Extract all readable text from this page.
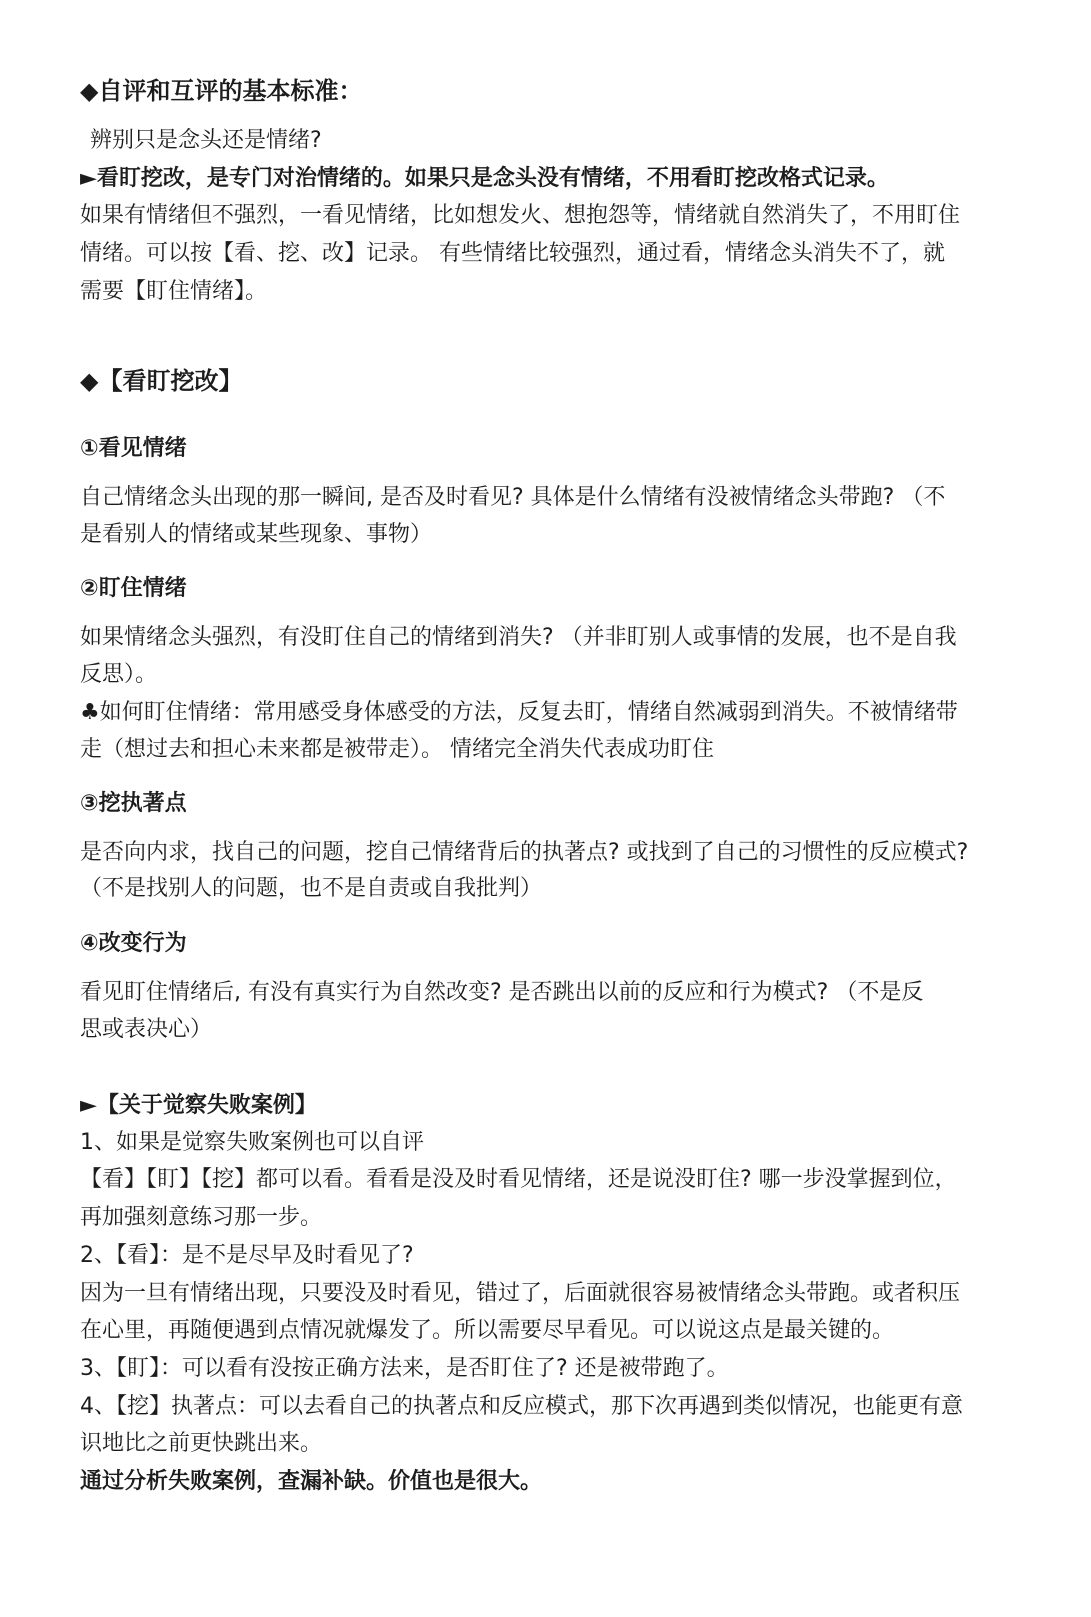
◆自评和互评的基本标准：
辨别只是念头还是情绪?
►看盯挖改，是专门对治情绪的。如果只是念头没有情绪，不用看盯挖改格式记录。
如果有情绪但不强烈，一看见情绪，比如想发火、想抱怨等，情绪就自然消失了，不用盯住
情绪。可以按【看、挖、改】记录。 有些情绪比较强烈，通过看，情绪念头消失不了，就
需要【盯住情绪】。
◆【看盯挖改】
①看见情绪
自己情绪念头出现的那一瞬间, 是否及时看见? 具体是什么情绪有没被情绪念头带跑? （不
是看别人的情绪或某些现象、事物）
②盯住情绪
如果情绪念头强烈，有没盯住自己的情绪到消失? （并非盯别人或事情的发展，也不是自我
反思）。
♣如何盯住情绪：常用感受身体感受的方法，反复去盯，情绪自然减弱到消失。不被情绪带
走（想过去和担心未来都是被带走）。 情绪完全消失代表成功盯住
③挖执著点
是否向内求，找自己的问题，挖自己情绪背后的执著点? 或找到了自己的习惯性的反应模式?
（不是找别人的问题，也不是自责或自我批判）
④改变行为
看见盯住情绪后, 有没有真实行为自然改变? 是否跳出以前的反应和行为模式? （不是反
思或表决心）
►【关于觉察失败案例】
1、如果是觉察失败案例也可以自评
【看】【盯】【挖】都可以看。看看是没及时看见情绪，还是说没盯住? 哪一步没掌握到位，
再加强刻意练习那一步。
2、【看】：是不是尽早及时看见了?
因为一旦有情绪出现，只要没及时看见，错过了，后面就很容易被情绪念头带跑。或者积压
在心里，再随便遇到点情况就爆发了。所以需要尽早看见。可以说这点是最关键的。
3、【盯】：可以看有没按正确方法来，是否盯住了? 还是被带跑了。
4、【挖】执著点：可以去看自己的执著点和反应模式，那下次再遇到类似情况，也能更有意
识地比之前更快跳出来。
通过分析失败案例，查漏补缺。价值也是很大。
